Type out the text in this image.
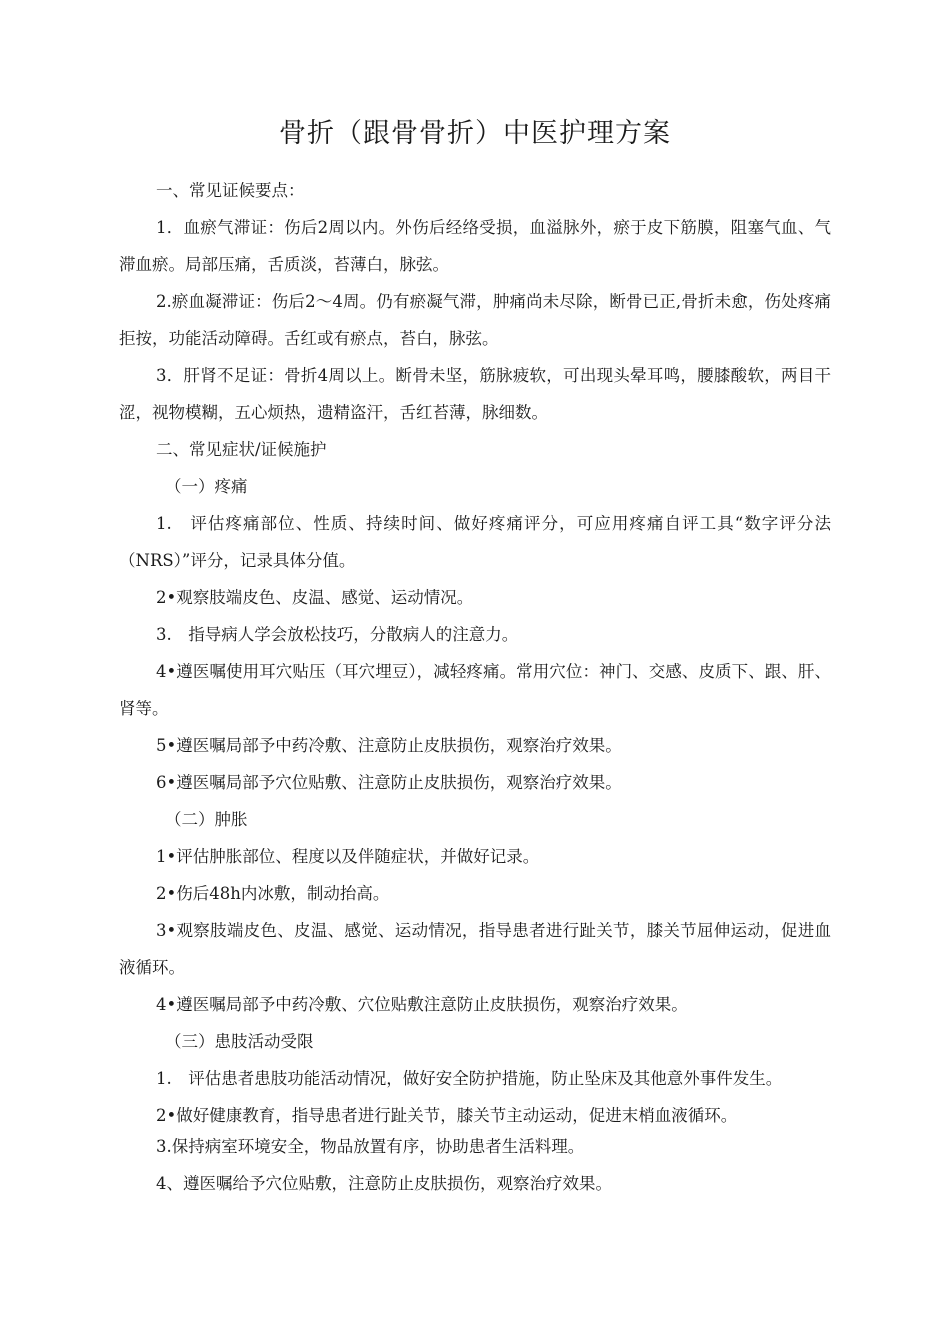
骨折（跟骨骨折）中医护理方案

一、常见证候要点：

1．血瘀气滞证：伤后2周以内。外伤后经络受损，血溢脉外，瘀于皮下筋膜，阻塞气血、气滞血瘀。局部压痛，舌质淡，苔薄白，脉弦。

2.瘀血凝滞证：伤后2〜4周。仍有瘀凝气滞，肿痛尚未尽除，断骨已正,骨折未愈，伤处疼痛拒按，功能活动障碍。舌红或有瘀点，苔白，脉弦。

3．肝肾不足证：骨折4周以上。断骨未坚，筋脉疲软，可出现头晕耳鸣，腰膝酸软，两目干涩，视物模糊，五心烦热，遗精盗汗，舌红苔薄，脉细数。

二、常见症状/证候施护

（一）疼痛

1.　评估疼痛部位、性质、持续时间、做好疼痛评分，可应用疼痛自评工具“数字评分法（NRS）”评分，记录具体分值。

2•观察肢端皮色、皮温、感觉、运动情况。

3.　指导病人学会放松技巧，分散病人的注意力。

4•遵医嘱使用耳穴贴压（耳穴埋豆），减轻疼痛。常用穴位：神门、交感、皮质下、跟、肝、肾等。

5•遵医嘱局部予中药冷敷、注意防止皮肤损伤，观察治疗效果。

6•遵医嘱局部予穴位贴敷、注意防止皮肤损伤，观察治疗效果。

（二）肿胀

1•评估肿胀部位、程度以及伴随症状，并做好记录。

2•伤后48h内冰敷，制动抬高。

3•观察肢端皮色、皮温、感觉、运动情况，指导患者进行趾关节，膝关节屈伸运动，促进血液循环。

4•遵医嘱局部予中药冷敷、穴位贴敷注意防止皮肤损伤，观察治疗效果。

（三）患肢活动受限

1.　评估患者患肢功能活动情况，做好安全防护措施，防止坠床及其他意外事件发生。

2•做好健康教育，指导患者进行趾关节，膝关节主动运动，促进末梢血液循环。

3.保持病室环境安全，物品放置有序，协助患者生活料理。

4、遵医嘱给予穴位贴敷，注意防止皮肤损伤，观察治疗效果。
